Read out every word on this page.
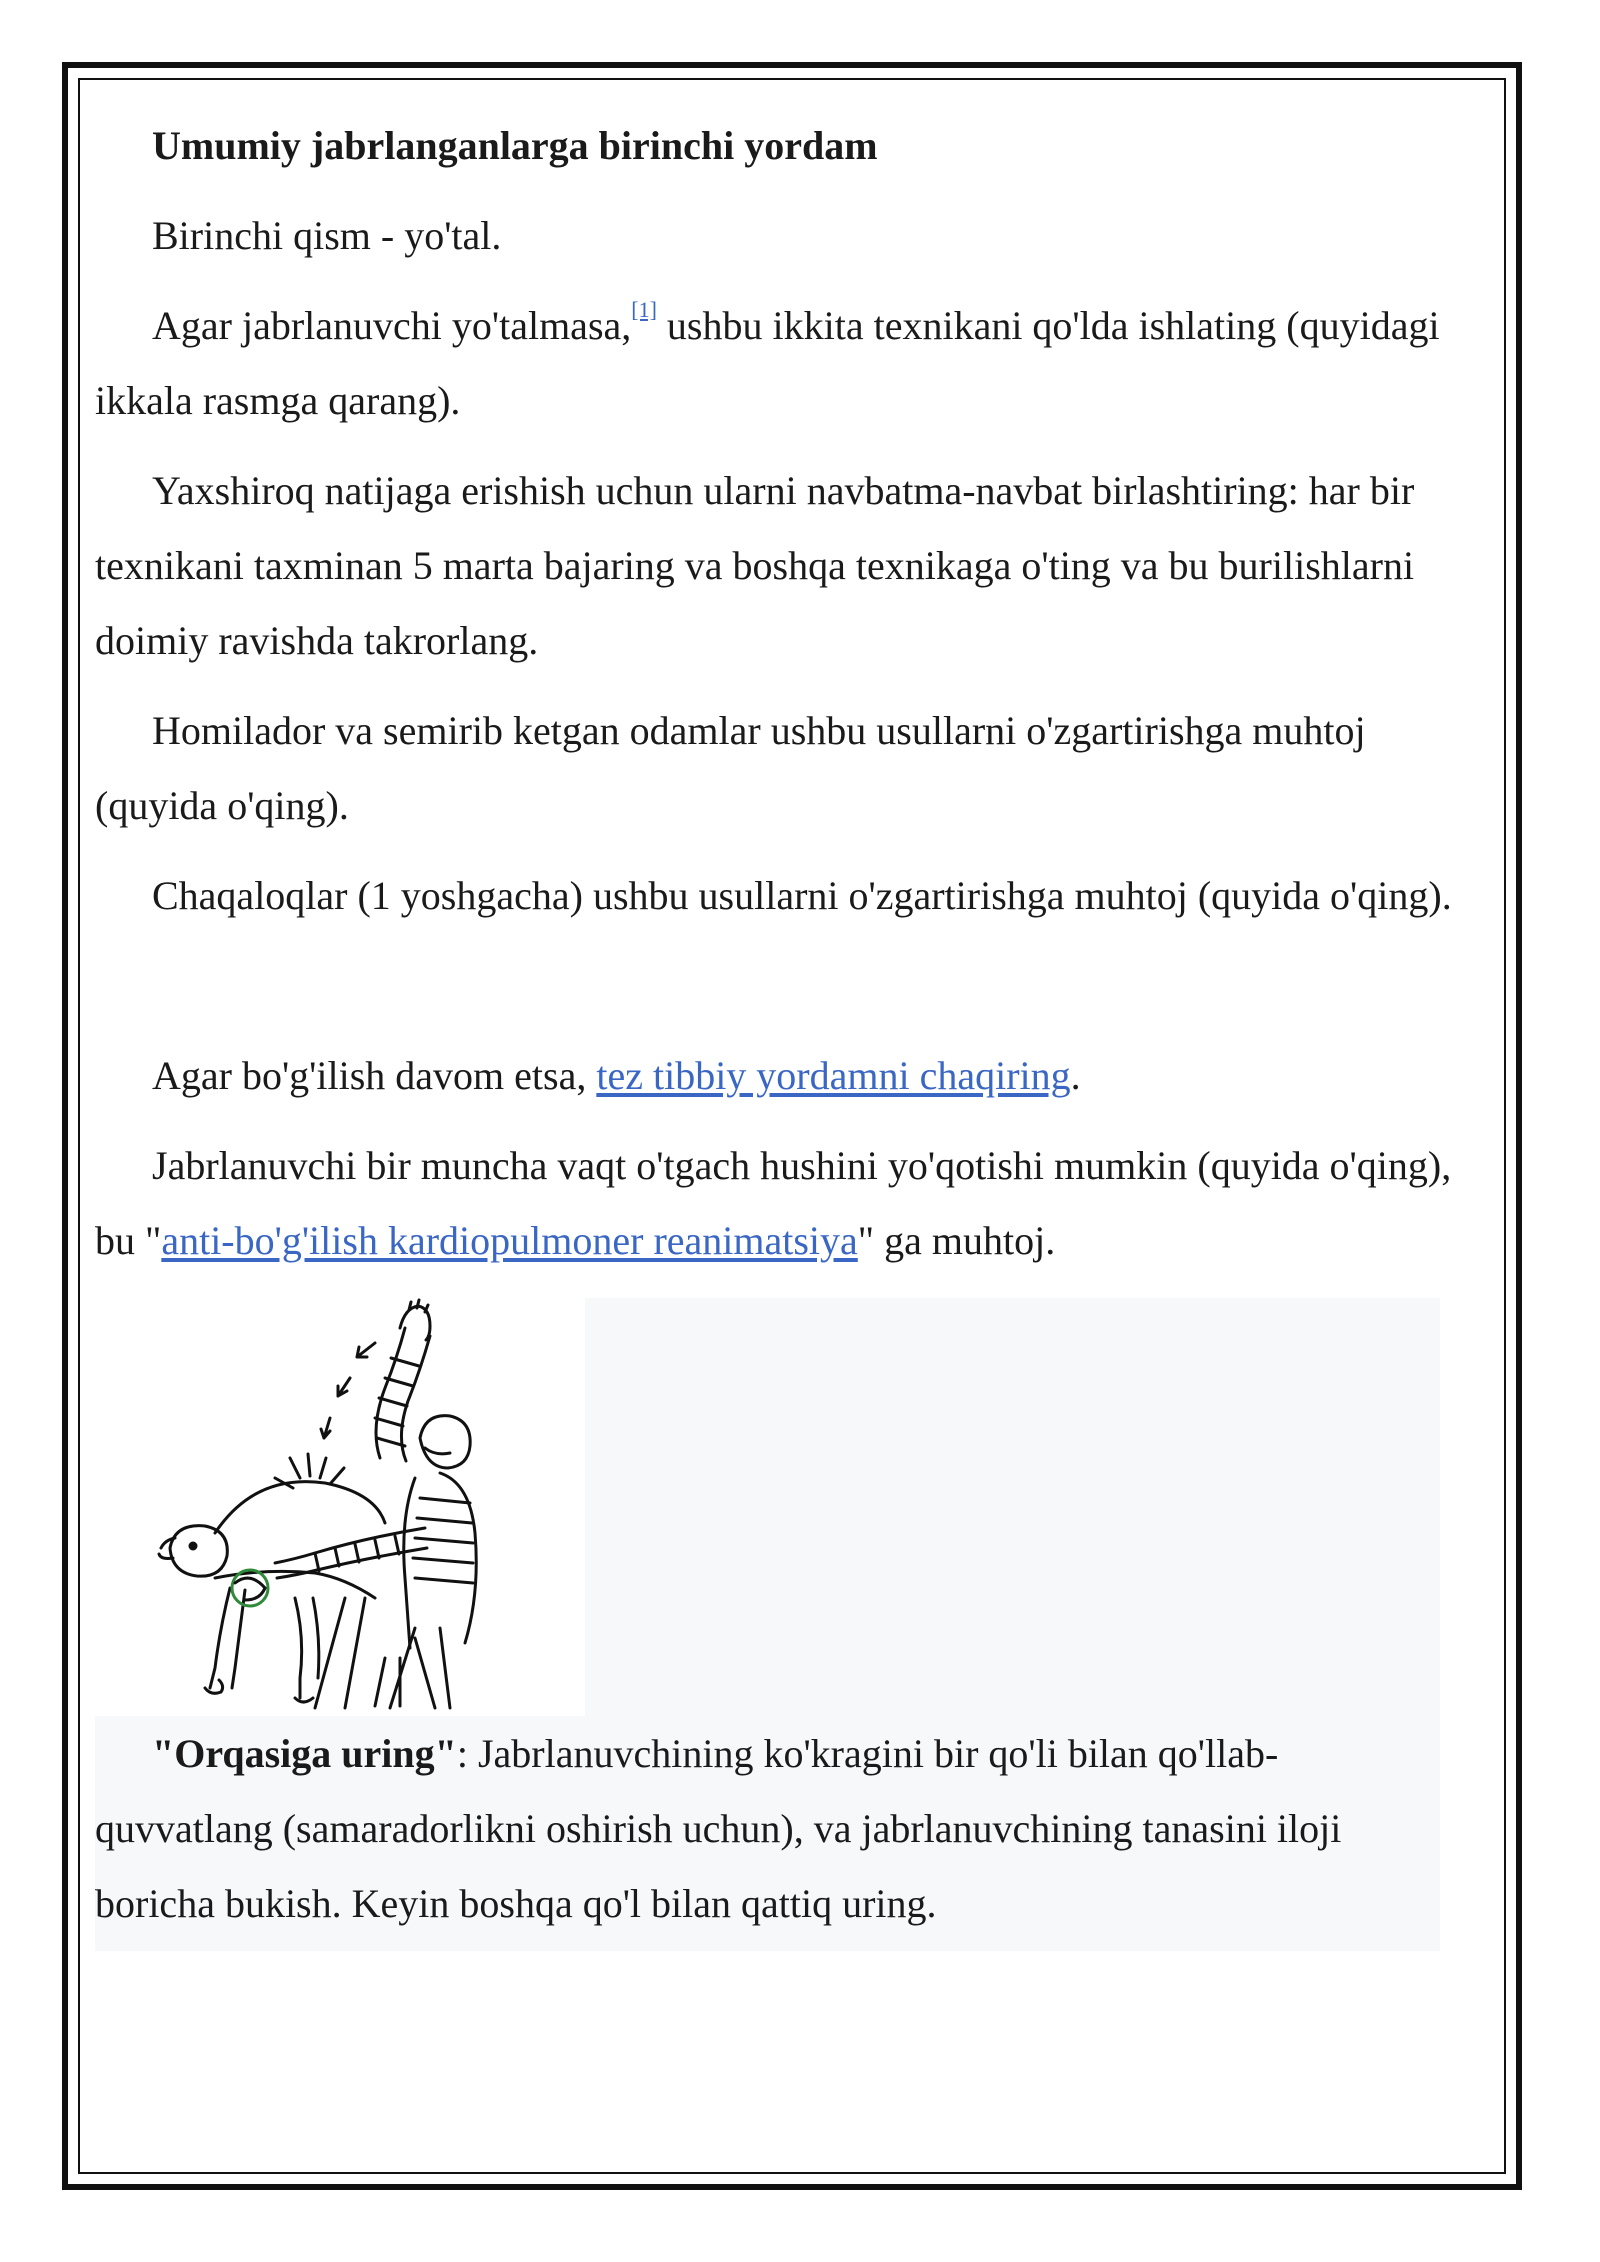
Umumiy jabrlanganlarga birinchi yordam

Birinchi qism - yo'tal.

Agar jabrlanuvchi yo'talmasa,[1] ushbu ikkita texnikani qo'lda ishlating (quyidagi ikkala rasmga qarang).

Yaxshiroq natijaga erishish uchun ularni navbatma-navbat birlashtiring: har bir texnikani taxminan 5 marta bajaring va boshqa texnikaga o'ting va bu burilishlarni doimiy ravishda takrorlang.

Homilador va semirib ketgan odamlar ushbu usullarni o'zgartirishga muhtoj (quyida o'qing).

Chaqaloqlar (1 yoshgacha) ushbu usullarni o'zgartirishga muhtoj (quyida o'qing).

Agar bo'g'ilish davom etsa, tez tibbiy yordamni chaqiring.

Jabrlanuvchi bir muncha vaqt o'tgach hushini yo'qotishi mumkin (quyida o'qing), bu "anti-bo'g'ilish kardiopulmoner reanimatsiya" ga muhtoj.

"Orqasiga uring": Jabrlanuvchining ko'kragini bir qo'li bilan qo'llab-quvvatlang (samaradorlikni oshirish uchun), va jabrlanuvchining tanasini iloji boricha bukish. Keyin boshqa qo'l bilan qattiq uring.
